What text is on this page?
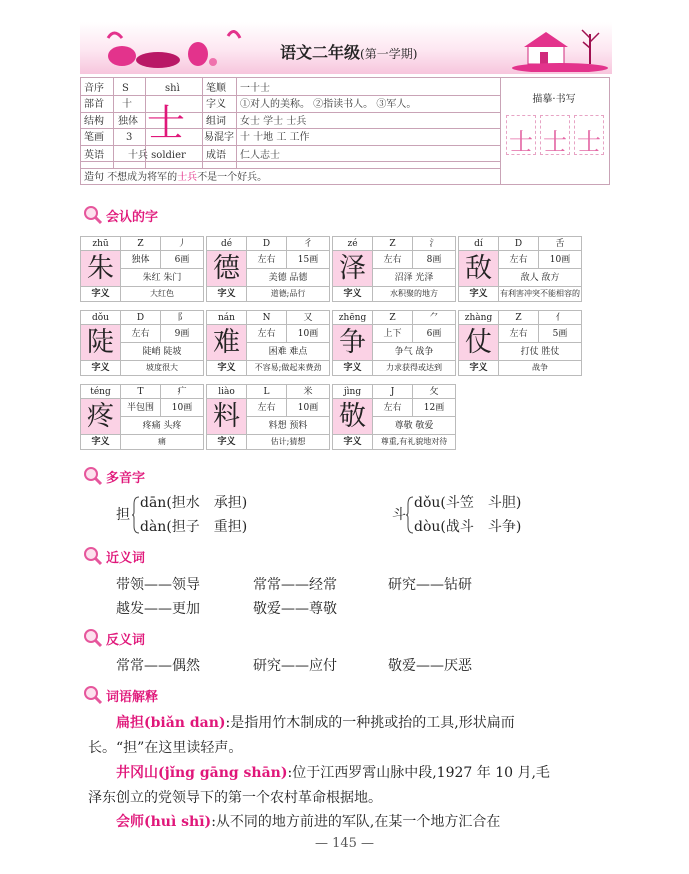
语文二年级(第一学期)
音序 S	shì
部首 十
结构 独体
笔画 3
英语 十兵 soldier
士
笔顺 一十士
字义 ①对人的美称。 ②指读书人。 ③军人。
组词 女士 学士 士兵
易混字 十 十地 工 工作
成语 仁人志士
造句 不想成为将军的士兵不是一个好兵。
描摹·书写
士 士 士
会认的字
zhū	Z	丿
朱	独体	6画
朱红 朱门
字义	大红色
dé	D	彳
德	左右	15画
美德 品德
字义	道德;品行
zé	Z	氵
泽	左右	8画
沼泽 光泽
字义	水积聚的地方
dí	D	舌
敌	左右	10画
敌人 敌方
字义	有利害冲突不能相容的
dǒu	D	阝
陡	左右	9画
陡峭 陡坡
字义	坡度很大
nán	N	又
难	左右	10画
困难 难点
字义	不容易;做起来费劲
zhēng	Z	⺈
争	上下	6画
争气 战争
字义	力求获得或达到
zhàng	Z	亻
仗	左右	5画
打仗 胜仗
字义	战争
téng	T	疒
疼	半包围	10画
疼痛 头疼
字义	痛
liào	L	米
料	左右	10画
料想 预料
字义	估计;猜想
jìng	J	攵
敬	左右	12画
尊敬 敬爱
字义	尊重,有礼貌地对待
多音字
担
dān(担水　承担)
dàn(担子　重担)
斗
dǒu(斗笠　斗胆)
dòu(战斗　斗争)
近义词
带领——领导	常常——经常	研究——钻研
越发——更加	敬爱——尊敬
反义词
常常——偶然	研究——应付	敬爱——厌恶
词语解释
扁担(biǎn dan):是指用竹木制成的一种挑或抬的工具,形状扁而
长。“担”在这里读轻声。
井冈山(jǐng gāng shān):位于江西罗霄山脉中段,1927 年 10 月,毛
泽东创立的党领导下的第一个农村革命根据地。
会师(huì shī):从不同的地方前进的军队,在某一个地方汇合在
— 145 —
